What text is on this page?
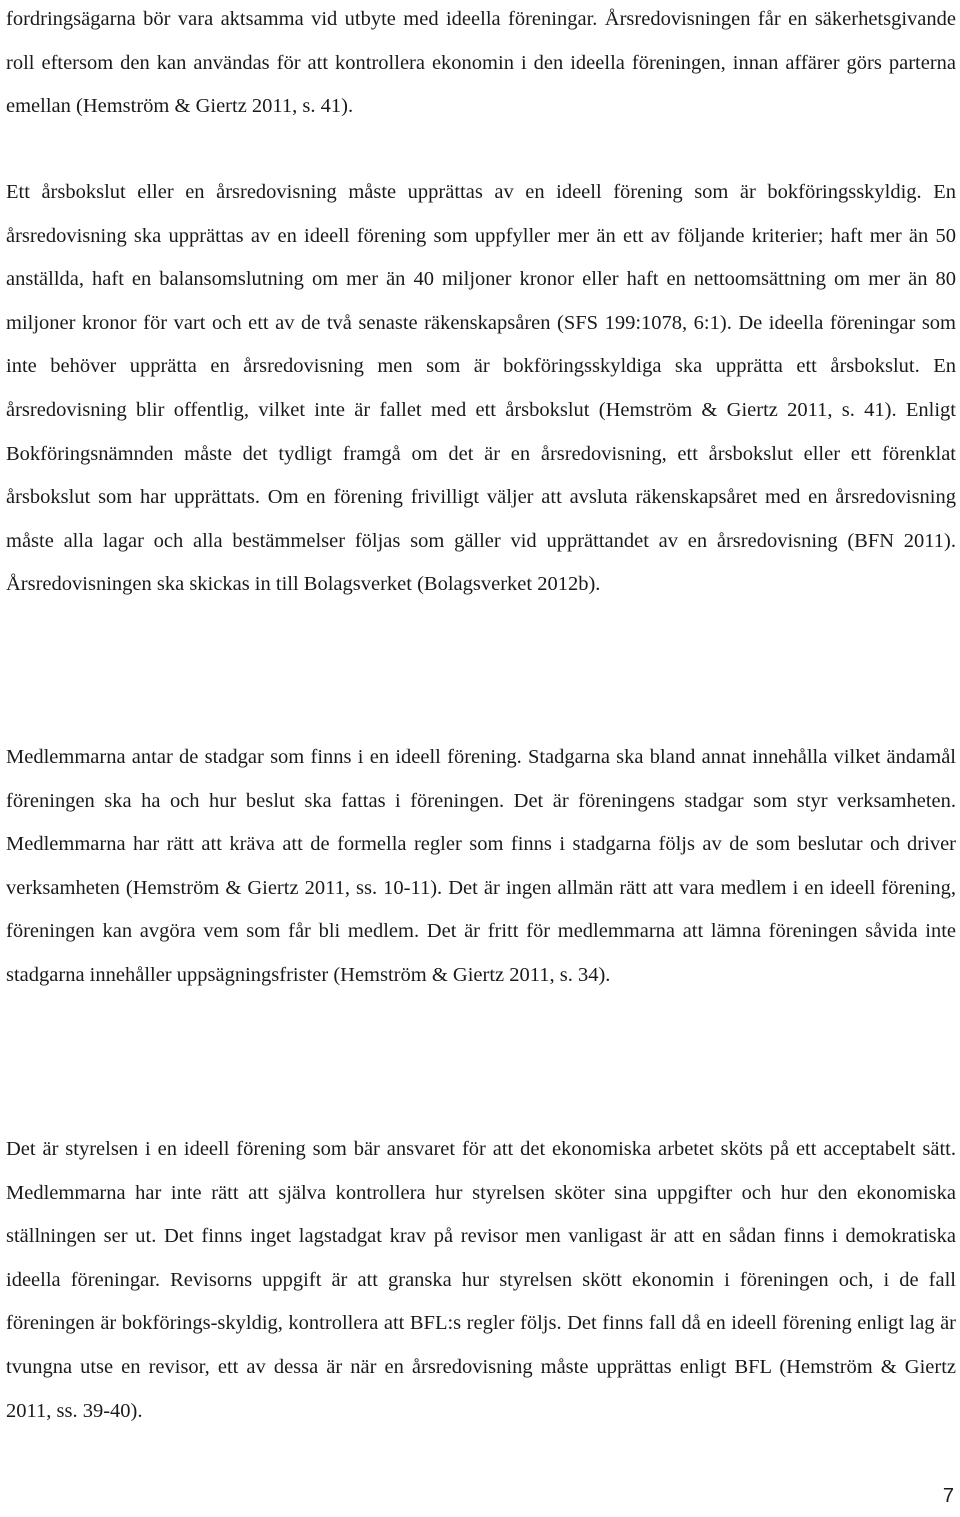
fordringsägarna bör vara aktsamma vid utbyte med ideella föreningar. Årsredovisningen får en säkerhetsgivande roll eftersom den kan användas för att kontrollera ekonomin i den ideella föreningen, innan affärer görs parterna emellan (Hemström & Giertz 2011, s. 41).

Ett årsbokslut eller en årsredovisning måste upprättas av en ideell förening som är bokföringsskyldig. En årsredovisning ska upprättas av en ideell förening som uppfyller mer än ett av följande kriterier; haft mer än 50 anställda, haft en balansomslutning om mer än 40 miljoner kronor eller haft en nettoomsättning om mer än 80 miljoner kronor för vart och ett av de två senaste räkenskapsåren (SFS 199:1078, 6:1). De ideella föreningar som inte behöver upprätta en årsredovisning men som är bokföringsskyldiga ska upprätta ett årsbokslut. En årsredovisning blir offentlig, vilket inte är fallet med ett årsbokslut (Hemström & Giertz 2011, s. 41). Enligt Bokföringsnämnden måste det tydligt framgå om det är en årsredovisning, ett årsbokslut eller ett förenklat årsbokslut som har upprättats. Om en förening frivilligt väljer att avsluta räkenskapsåret med en årsredovisning måste alla lagar och alla bestämmelser följas som gäller vid upprättandet av en årsredovisning (BFN 2011). Årsredovisningen ska skickas in till Bolagsverket (Bolagsverket 2012b).

Medlemmarna antar de stadgar som finns i en ideell förening. Stadgarna ska bland annat innehålla vilket ändamål föreningen ska ha och hur beslut ska fattas i föreningen. Det är föreningens stadgar som styr verksamheten. Medlemmarna har rätt att kräva att de formella regler som finns i stadgarna följs av de som beslutar och driver verksamheten (Hemström & Giertz 2011, ss. 10-11). Det är ingen allmän rätt att vara medlem i en ideell förening, föreningen kan avgöra vem som får bli medlem. Det är fritt för medlemmarna att lämna föreningen såvida inte stadgarna innehåller uppsägningsfrister (Hemström & Giertz 2011, s. 34).

Det är styrelsen i en ideell förening som bär ansvaret för att det ekonomiska arbetet sköts på ett acceptabelt sätt. Medlemmarna har inte rätt att själva kontrollera hur styrelsen sköter sina uppgifter och hur den ekonomiska ställningen ser ut. Det finns inget lagstadgat krav på revisor men vanligast är att en sådan finns i demokratiska ideella föreningar. Revisorns uppgift är att granska hur styrelsen skött ekonomin i föreningen och, i de fall föreningen är bokförings-skyldig, kontrollera att BFL:s regler följs. Det finns fall då en ideell förening enligt lag är tvungna utse en revisor, ett av dessa är när en årsredovisning måste upprättas enligt BFL (Hemström & Giertz 2011, ss. 39-40).

7
